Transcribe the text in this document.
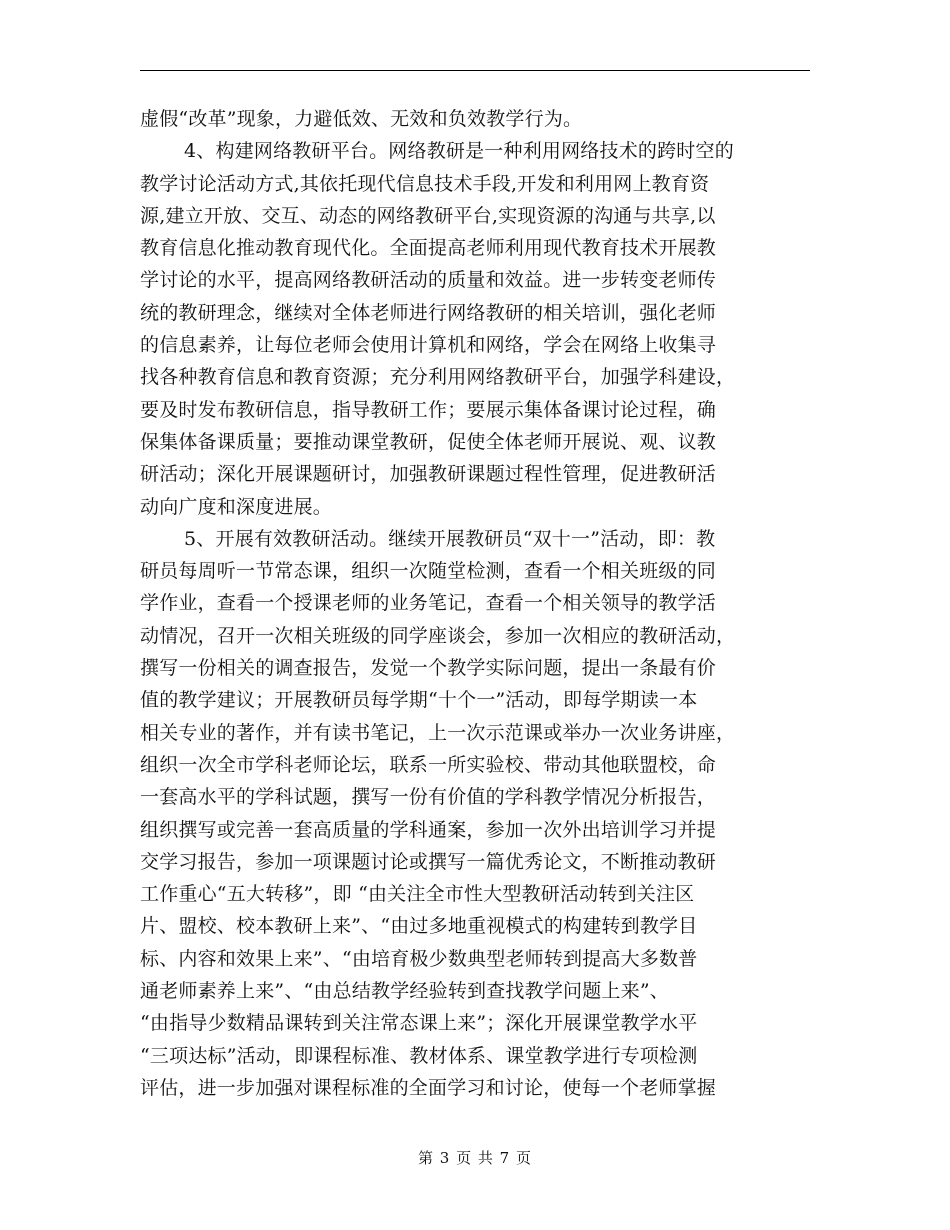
虚假“改革”现象，力避低效、无效和负效教学行为。
4、构建网络教研平台。网络教研是一种利用网络技术的跨时空的
教学讨论活动方式,其依托现代信息技术手段,开发和利用网上教育资
源,建立开放、交互、动态的网络教研平台,实现资源的沟通与共享,以
教育信息化推动教育现代化。全面提高老师利用现代教育技术开展教
学讨论的水平，提高网络教研活动的质量和效益。进一步转变老师传
统的教研理念，继续对全体老师进行网络教研的相关培训，强化老师
的信息素养，让每位老师会使用计算机和网络，学会在网络上收集寻
找各种教育信息和教育资源；充分利用网络教研平台，加强学科建设，
要及时发布教研信息，指导教研工作；要展示集体备课讨论过程，确
保集体备课质量；要推动课堂教研，促使全体老师开展说、观、议教
研活动；深化开展课题研讨，加强教研课题过程性管理，促进教研活
动向广度和深度进展。
5、开展有效教研活动。继续开展教研员“双十一”活动，即：教
研员每周听一节常态课，组织一次随堂检测，查看一个相关班级的同
学作业，查看一个授课老师的业务笔记，查看一个相关领导的教学活
动情况，召开一次相关班级的同学座谈会，参加一次相应的教研活动，
撰写一份相关的调查报告，发觉一个教学实际问题，提出一条最有价
值的教学建议；开展教研员每学期“十个一”活动，即每学期读一本
相关专业的著作，并有读书笔记，上一次示范课或举办一次业务讲座，
组织一次全市学科老师论坛，联系一所实验校、带动其他联盟校，命
一套高水平的学科试题，撰写一份有价值的学科教学情况分析报告，
组织撰写或完善一套高质量的学科通案，参加一次外出培训学习并提
交学习报告，参加一项课题讨论或撰写一篇优秀论文，不断推动教研
工作重心“五大转移”，即 “由关注全市性大型教研活动转到关注区
片、盟校、校本教研上来”、“由过多地重视模式的构建转到教学目
标、内容和效果上来”、“由培育极少数典型老师转到提高大多数普
通老师素养上来”、“由总结教学经验转到查找教学问题上来”、
“由指导少数精品课转到关注常态课上来”；深化开展课堂教学水平
“三项达标”活动，即课程标准、教材体系、课堂教学进行专项检测
评估，进一步加强对课程标准的全面学习和讨论，使每一个老师掌握
第 3 页 共 7 页
